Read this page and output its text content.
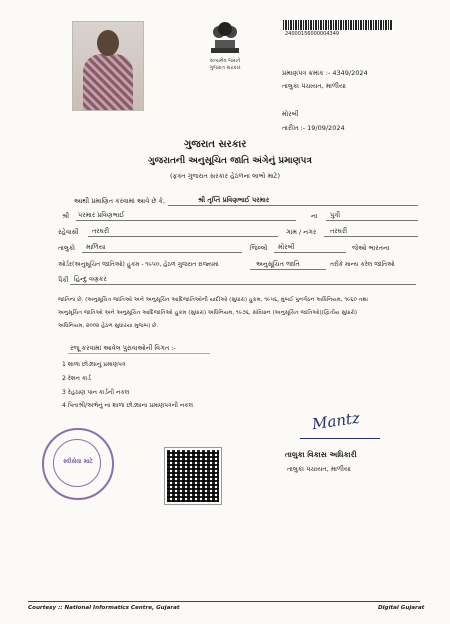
સત્યમેવ જયતે
ગુજરાત સરકાર
24000156000004349
પ્રમાણપત્ર ક્રમાંક :- 4349/2024
તાલુકા પંચાયત, માળીયા
મોરબી
તારીખ :- 19/09/2024
ગુજરાત સરકાર
ગુજરાતની અનુસૂચિત જાતિ અંગેનું પ્રમાણપત્ર
(ફક્ત ગુજરાત સરકાર હેઠળના લાભો માટે)
આથી પ્રમાણિત કરવામાં આવે છે કે,	શ્રી તૃપ્તિ પ્રવિણભાઈ પરમાર
શ્રી પરમાર પ્રવિણભાઈ	ના પુત્રી
રહેવાસી તરઘરી	ગામ / નગર તરઘરી
તાલુકો માળિયા	જિલ્લો મોરબી	જેઓ ભારતના
ઓર્ડર(અનુસૂચિત જાતિઓ) હુકમ - ૧૯૫૦, હેઠળ ગુજરાત રાજ્યમાં	અનુસૂચિત જાતિ	તરીકે માન્ય કરેલ જાતિઓ
પૈકી હિન્દુ વણકર
જાતિના છે. (અનુસૂચિત જાતિઓ અને અનુસૂચિત આદિજાતિઓની યાદીઓ (સુધારા) હુકમ, ૧૯૫૬, મુંબઈ પુનર્ગઠન અધિનિયમ, ૧૯૬૦ તથા
અનુસૂચિત જાતિઓ અને અનુસૂચિત આદિજાતિઓ હુકમ (સુધારા) અધિનિયમ, ૧૯૭૬, સંવિધાન (અનુસૂચિત જાતિઓ)(દ્વિતીય સુધારો)
અધિનિયમ, ૨૦૦૨ હેઠળ સુધારયા મુજબ) છે.
રજૂ કરવામાં આવેલ પુરાવાઓની વિગત :-
1 શાળા છોડ્યાનું પ્રમાણપત્ર
2 રેશન કાર્ડ
3 રેહઠાણ પાન કાર્ડની નકલ
4 પિતાશ્રી/અભેનું ના શાળા છોડ્યાના પ્રમાણપત્રની નકલ
સ્વીસેવા માટે
Mantz
તાલુકા વિકાસ અધિકારી
તાલુકા પંચાયત, માળીયા
Courtesy :: National Informatics Centre, Gujarat	Digital Gujarat
